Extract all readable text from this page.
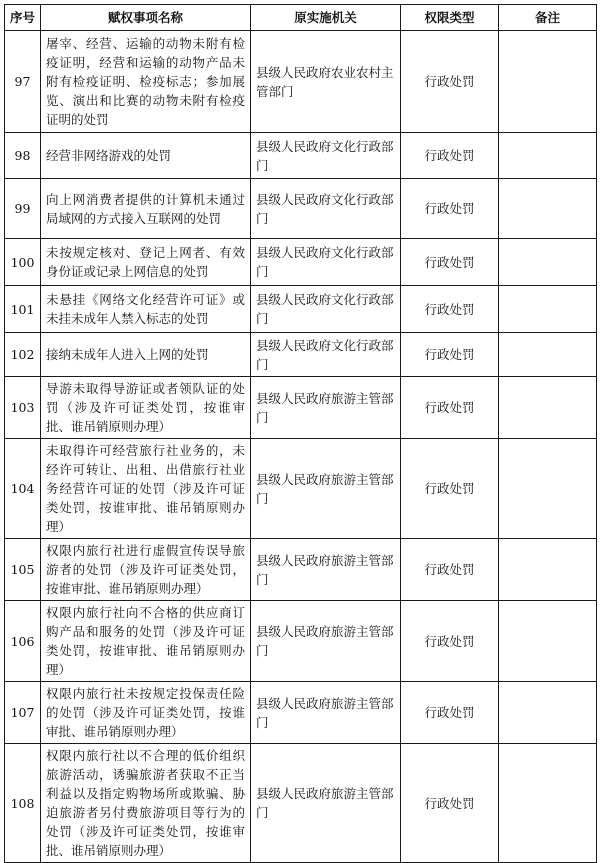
序号	赋权事项名称	原实施机关	权限类型	备注
97	屠宰、经营、运输的动物未附有检疫证明，经营和运输的动物产品未附有检疫证明、检疫标志；参加展览、演出和比赛的动物未附有检疫证明的处罚	县级人民政府农业农村主管部门	行政处罚	
98	经营非网络游戏的处罚	县级人民政府文化行政部门	行政处罚	
99	向上网消费者提供的计算机未通过局域网的方式接入互联网的处罚	县级人民政府文化行政部门	行政处罚	
100	未按规定核对、登记上网者、有效身份证或记录上网信息的处罚	县级人民政府文化行政部门	行政处罚	
101	未悬挂《网络文化经营许可证》或未挂未成年人禁入标志的处罚	县级人民政府文化行政部门	行政处罚	
102	接纳未成年人进入上网的处罚	县级人民政府文化行政部门	行政处罚	
103	导游未取得导游证或者领队证的处罚（涉及许可证类处罚，按谁审批、谁吊销原则办理）	县级人民政府旅游主管部门	行政处罚	
104	未取得许可经营旅行社业务的，未经许可转让、出租、出借旅行社业务经营许可证的处罚（涉及许可证类处罚，按谁审批、谁吊销原则办理）	县级人民政府旅游主管部门	行政处罚	
105	权限内旅行社进行虚假宣传误导旅游者的处罚（涉及许可证类处罚，按谁审批、谁吊销原则办理）	县级人民政府旅游主管部门	行政处罚	
106	权限内旅行社向不合格的供应商订购产品和服务的处罚（涉及许可证类处罚，按谁审批、谁吊销原则办理）	县级人民政府旅游主管部门	行政处罚	
107	权限内旅行社未按规定投保责任险的处罚（涉及许可证类处罚，按谁审批、谁吊销原则办理）	县级人民政府旅游主管部门	行政处罚	
108	权限内旅行社以不合理的低价组织旅游活动，诱骗旅游者获取不正当利益以及指定购物场所或欺骗、胁迫旅游者另付费旅游项目等行为的处罚（涉及许可证类处罚，按谁审批、谁吊销原则办理）	县级人民政府旅游主管部门	行政处罚	
